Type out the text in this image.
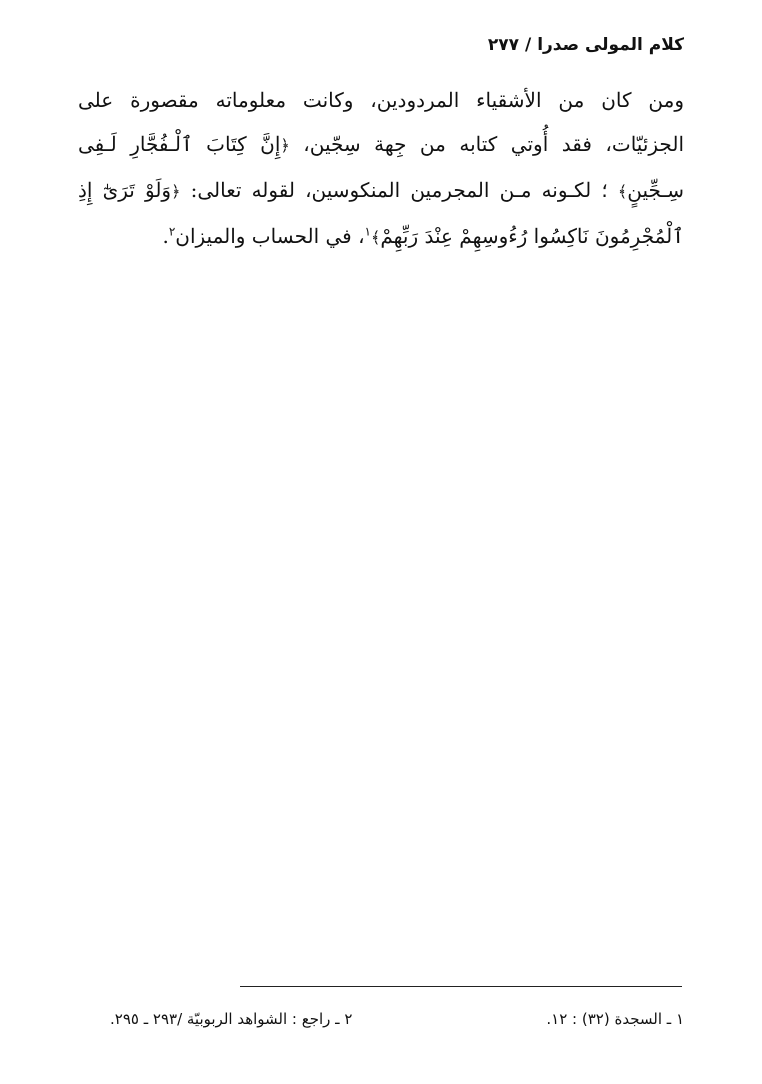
كلام المولى صدرا/٢٧٧
ومن كان من الأشقياء المردودين، وكانت معلوماته مقصورة على الجزئيّات، فقد أُوتي كتابه من جِهة سِجّين، ﴿إِنَّ كِتَابَ ٱلْـفُجَّارِ لَـفِى سِـجِّينٍ﴾ ؛ لكـونه مـن المجرمين المنكوسين، لقوله تعالى: ﴿وَلَوْ تَرَىٰٓ إِذِ ٱلْمُجْرِمُونَ نَاكِسُوا رُءُوسِهِمْ عِنْدَ رَبِّهِمْ﴾$^١$، في الحساب والميزان$^٢$.
١ ـ السجدة (٣٢) : ١٢.
٢ ـ راجع : الشواهد الربوبيّة /٢٩٣ ـ ٢٩٥.
